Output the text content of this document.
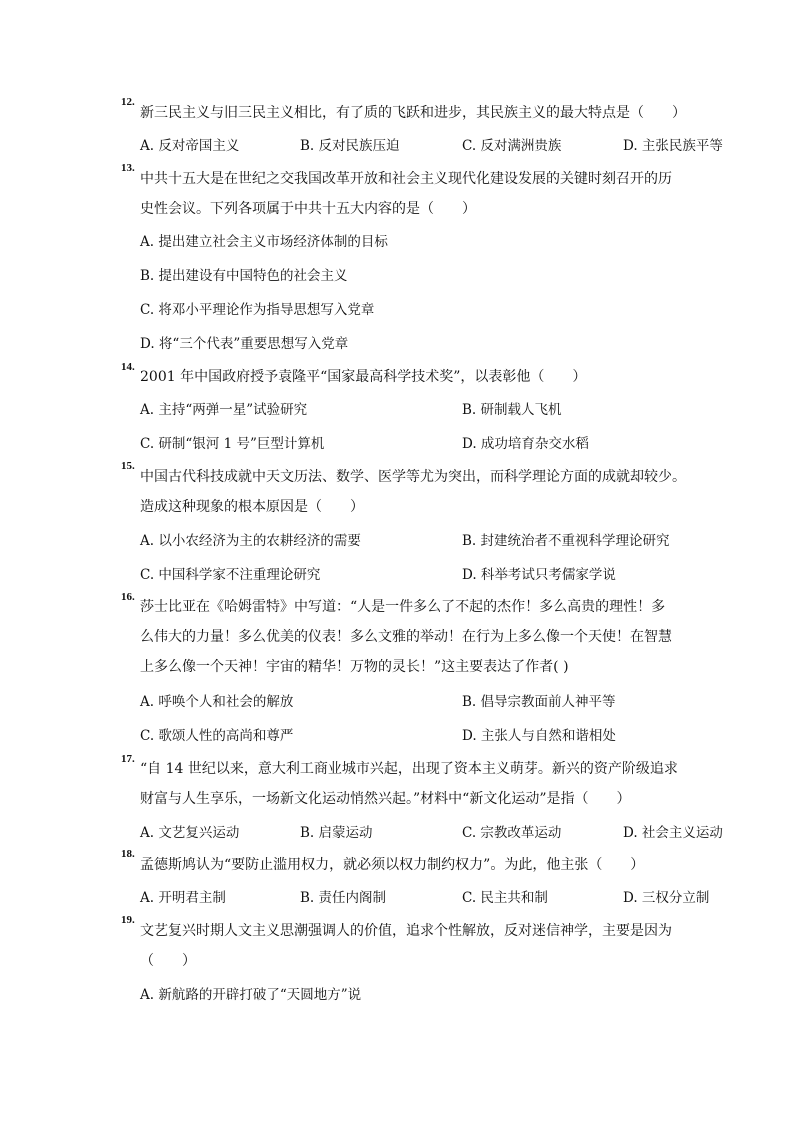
12.
新三民主义与旧三民主义相比，有了质的飞跃和进步，其民族主义的最大特点是（　　）
A. 反对帝国主义	B. 反对民族压迫	C. 反对满洲贵族	D. 主张民族平等
13.
中共十五大是在世纪之交我国改革开放和社会主义现代化建设发展的关键时刻召开的历
史性会议。下列各项属于中共十五大内容的是（　　）
A. 提出建立社会主义市场经济体制的目标
B. 提出建设有中国特色的社会主义
C. 将邓小平理论作为指导思想写入党章
D. 将“三个代表”重要思想写入党章
14.
2001 年中国政府授予袁隆平“国家最高科学技术奖”，以表彰他（　　）
A. 主持“两弹一星”试验研究	B. 研制载人飞机
C. 研制“银河 1 号”巨型计算机	D. 成功培育杂交水稻
15.
中国古代科技成就中天文历法、数学、医学等尤为突出，而科学理论方面的成就却较少。
造成这种现象的根本原因是（　　）
A. 以小农经济为主的农耕经济的需要	B. 封建统治者不重视科学理论研究
C. 中国科学家不注重理论研究	D. 科举考试只考儒家学说
16.
莎士比亚在《哈姆雷特》中写道：“人是一件多么了不起的杰作！多么高贵的理性！多
么伟大的力量！多么优美的仪表！多么文雅的举动！在行为上多么像一个天使！在智慧
上多么像一个天神！宇宙的精华！万物的灵长！”这主要表达了作者( )
A. 呼唤个人和社会的解放	B. 倡导宗教面前人神平等
C. 歌颂人性的高尚和尊严	D. 主张人与自然和谐相处
17.
“自 14 世纪以来，意大利工商业城市兴起，出现了资本主义萌芽。新兴的资产阶级追求
财富与人生享乐，一场新文化运动悄然兴起。”材料中“新文化运动”是指（　　）
A. 文艺复兴运动	B. 启蒙运动	C. 宗教改革运动	D. 社会主义运动
18.
孟德斯鸠认为“要防止滥用权力，就必须以权力制约权力”。为此，他主张（　　）
A. 开明君主制	B. 责任内阁制	C. 民主共和制	D. 三权分立制
19.
文艺复兴时期人文主义思潮强调人的价值，追求个性解放，反对迷信神学，主要是因为
（　　）
A. 新航路的开辟打破了“天圆地方”说
